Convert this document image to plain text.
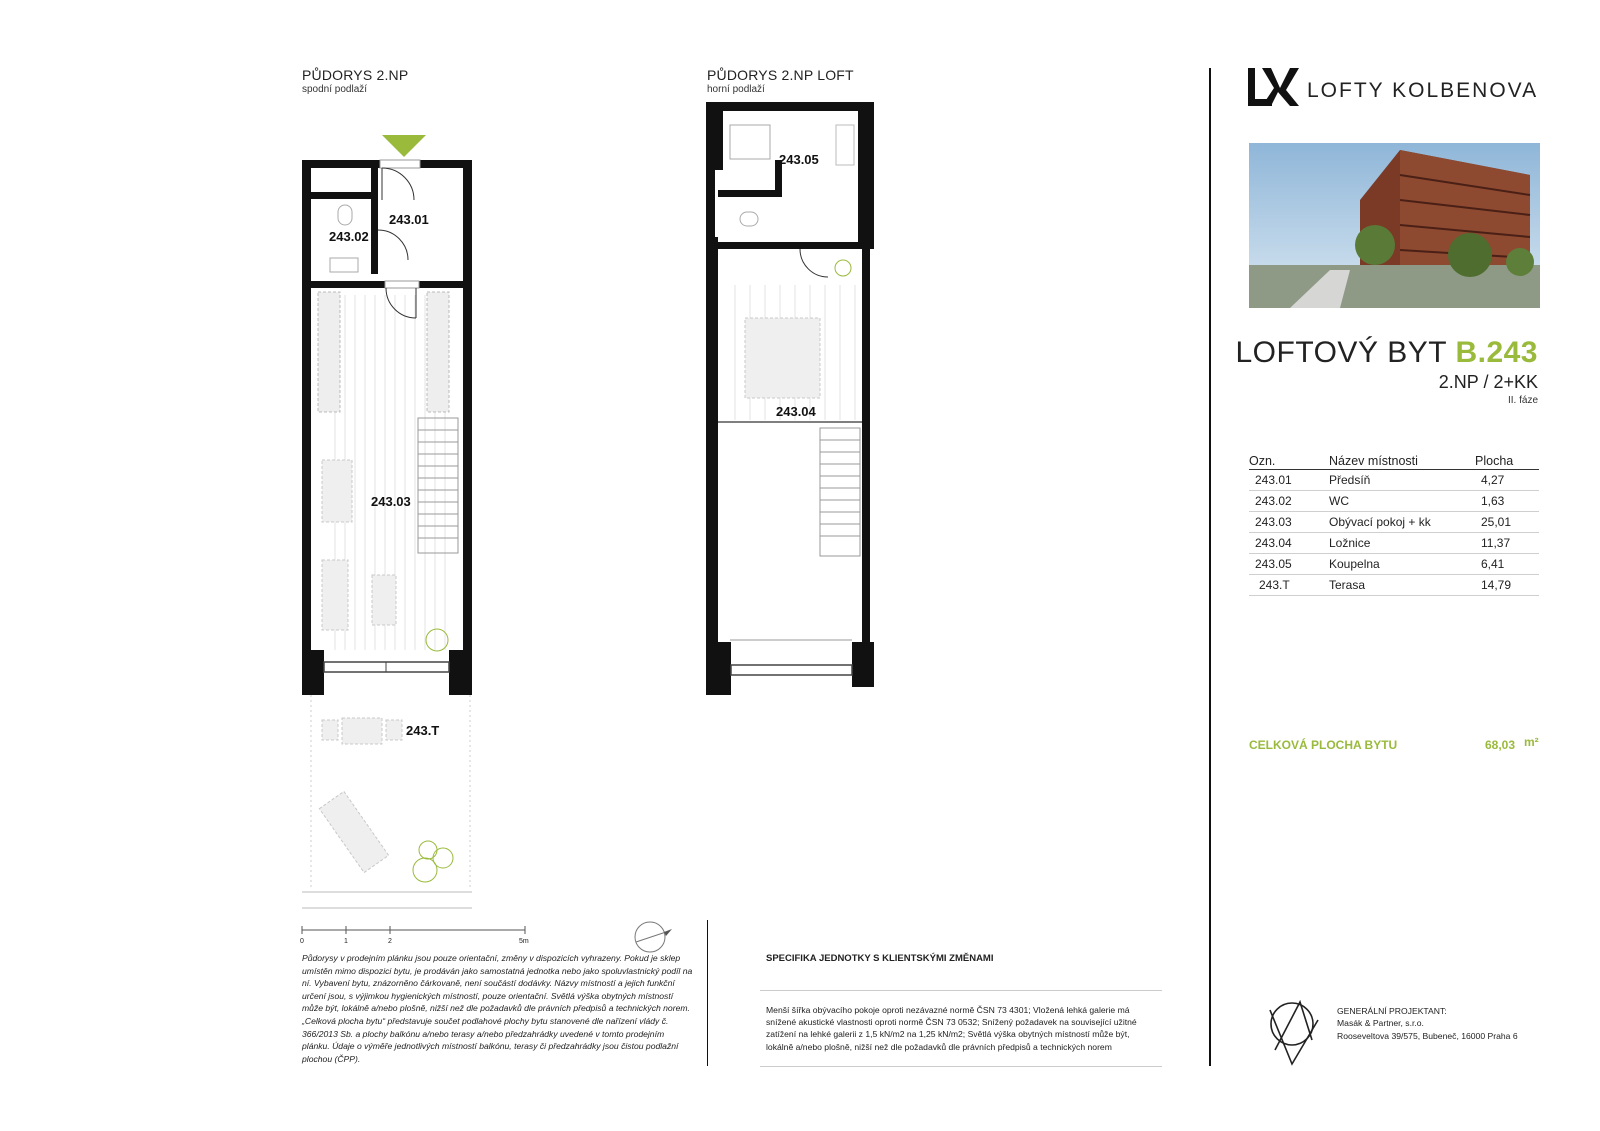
PŮDORYS 2.NP
spodní podlaží
PŮDORYS 2.NP LOFT
horní podlaží
243.01
243.02
243.03
243.T
0	1	2	5m
243.05
243.04
LOFTY KOLBENOVA
LOFTOVÝ BYT B.243
2.NP / 2+KK
II. fáze
Ozn.	Název místnosti	Plocha
243.01	Předsíň	4,27
243.02	WC	1,63
243.03	Obývací pokoj + kk	25,01
243.04	Ložnice	11,37
243.05	Koupelna	6,41
243.T	Terasa	14,79
CELKOVÁ PLOCHA BYTU	68,03 m²
Půdorysy v prodejním plánku jsou pouze orientační, změny v dispozicích vyhrazeny. Pokud je sklep umístěn mimo dispozici bytu, je prodáván jako samostatná jednotka nebo jako spoluvlastnický podíl na ní. Vybavení bytu, znázorněno čárkovaně, není součástí dodávky. Názvy místností a jejich funkční určení jsou, s výjimkou hygienických místností, pouze orientační. Světlá výška obytných místností může být, lokálně a/nebo plošně, nižší než dle požadavků dle právních předpisů a technických norem. „Celková plocha bytu“ představuje součet podlahové plochy bytu stanovené dle nařízení vlády č. 366/2013 Sb. a plochy balkónu a/nebo terasy a/nebo předzahrádky uvedené v tomto prodejním plánku. Údaje o výměře jednotlivých místností balkónu, terasy či předzahrádky jsou čistou podlažní plochou (ČPP).
SPECIFIKA JEDNOTKY S KLIENTSKÝMI ZMĚNAMI
Menší šířka obývacího pokoje oproti nezávazné normě ČSN 73 4301; Vložená lehká galerie má snížené akustické vlastnosti oproti normě ČSN 73 0532; Snížený požadavek na související užitné zatížení na lehké galerii z 1,5 kN/m2 na 1,25 kN/m2; Světlá výška obytných místností může být, lokálně a/nebo plošně, nižší než dle požadavků dle právních předpisů a technických norem
GENERÁLNÍ PROJEKTANT:
Masák & Partner, s.r.o.
Rooseveltova 39/575, Bubeneč, 16000 Praha 6
